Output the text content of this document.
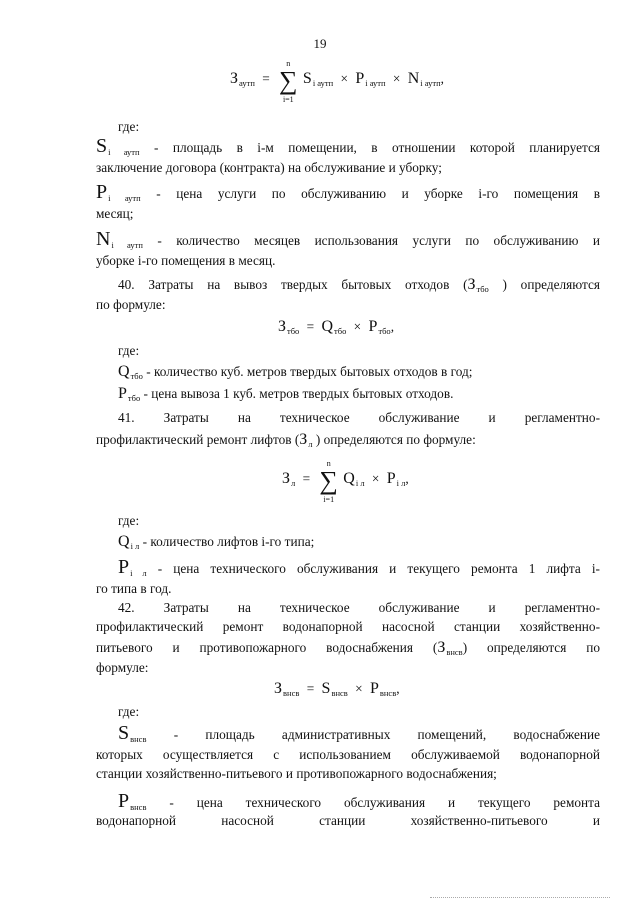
19
$З_{аутп}$ = ∑
n
i=1
$S_{i аутп} \times P_{i аутп} \times N_{i аутп}$,
где:
$S_{i аутп}$ - площадь в i-м помещении, в отношении которой планируется
заключение договора (контракта) на обслуживание и уборку;
$P_{i аутп}$ - цена услуги по обслуживанию и уборке i-го помещения в
месяц;
$N_{i аутп}$ - количество месяцев использования услуги по обслуживанию и
уборке i-го помещения в месяц.
40. Затраты на вывоз твердых бытовых отходов ($З_{тбо}$ ) определяются
по формуле:
$З_{тбо} = Q_{тбо} \times P_{тбо}$,
где:
$Q_{тбо}$ - количество куб. метров твердых бытовых отходов в год;
$P_{тбо}$ - цена вывоза 1 куб. метров твердых бытовых отходов.
41. Затраты на техническое обслуживание и регламентно-
профилактический ремонт лифтов ($З_л$ ) определяются по формуле:
$З_л$ = ∑
n
i=1
$Q_{i л} \times P_{i л}$,
где:
$Q_{i л}$ - количество лифтов i-го типа;
$P_{i л}$ - цена технического обслуживания и текущего ремонта 1 лифта i-
го типа в год.
42. Затраты на техническое обслуживание и регламентно-
профилактический ремонт водонапорной насосной станции хозяйственно-
питьевого и противопожарного водоснабжения $(З_{внсв})$ определяются по
формуле:
$З_{внсв} = S_{внсв} \times P_{внсв}$,
где:
$S_{внсв}$ - площадь административных помещений, водоснабжение
которых осуществляется с использованием обслуживаемой водонапорной
станции хозяйственно-питьевого и противопожарного водоснабжения;
$P_{внсв}$ - цена технического обслуживания и текущего ремонта
водонапорной насосной станции хозяйственно-питьевого и
